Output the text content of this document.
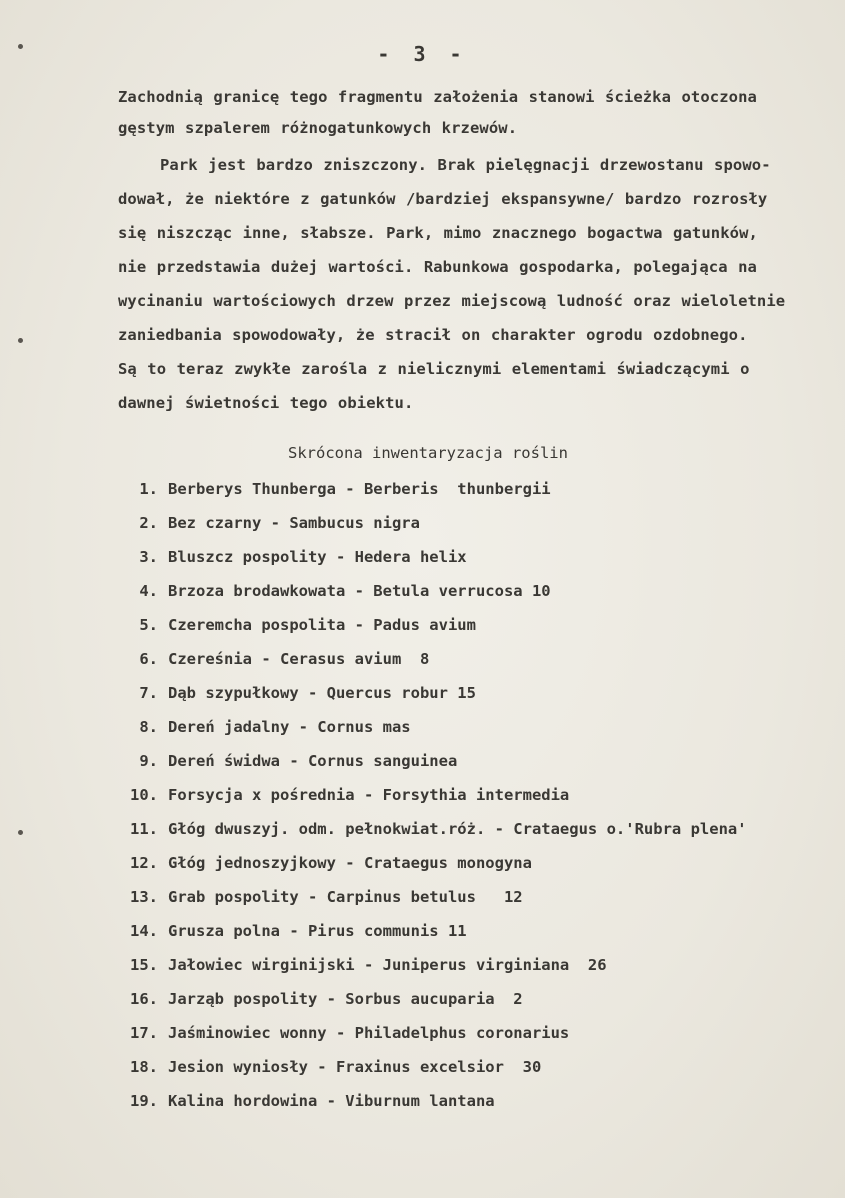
- 3 -
Zachodnią granicę tego fragmentu założenia stanowi ścieżka otoczona
gęstym szpalerem różnogatunkowych krzewów.
Park jest bardzo zniszczony. Brak pielęgnacji drzewostanu spowo-
dował, że niektóre z gatunków /bardziej ekspansywne/ bardzo rozrosły
się niszcząc inne, słabsze. Park, mimo znacznego bogactwa gatunków,
nie przedstawia dużej wartości. Rabunkowa gospodarka, polegająca na
wycinaniu wartościowych drzew przez miejscową ludność oraz wieloletnie
zaniedbania spowodowały, że stracił on charakter ogrodu ozdobnego.
Są to teraz zwykłe zarośla z nielicznymi elementami świadczącymi o
dawnej świetności tego obiektu.
Skrócona inwentaryzacja roślin
1. Berberys Thunberga - Berberis  thunbergii
2. Bez czarny - Sambucus nigra
3. Bluszcz pospolity - Hedera helix
4. Brzoza brodawkowata - Betula verrucosa 10
5. Czeremcha pospolita - Padus avium
6. Czereśnia - Cerasus avium  8
7. Dąb szypułkowy - Quercus robur 15
8. Dereń jadalny - Cornus mas
9. Dereń świdwa - Cornus sanguinea
10. Forsycja x pośrednia - Forsythia intermedia
11. Głóg dwuszyj. odm. pełnokwiat.róż. - Crataegus o.'Rubra plena'
12. Głóg jednoszyjkowy - Crataegus monogyna
13. Grab pospolity - Carpinus betulus   12
14. Grusza polna - Pirus communis 11
15. Jałowiec wirginijski - Juniperus virginiana  26
16. Jarząb pospolity - Sorbus aucuparia  2
17. Jaśminowiec wonny - Philadelphus coronarius
18. Jesion wyniosły - Fraxinus excelsior  30
19. Kalina hordowina - Viburnum lantana
